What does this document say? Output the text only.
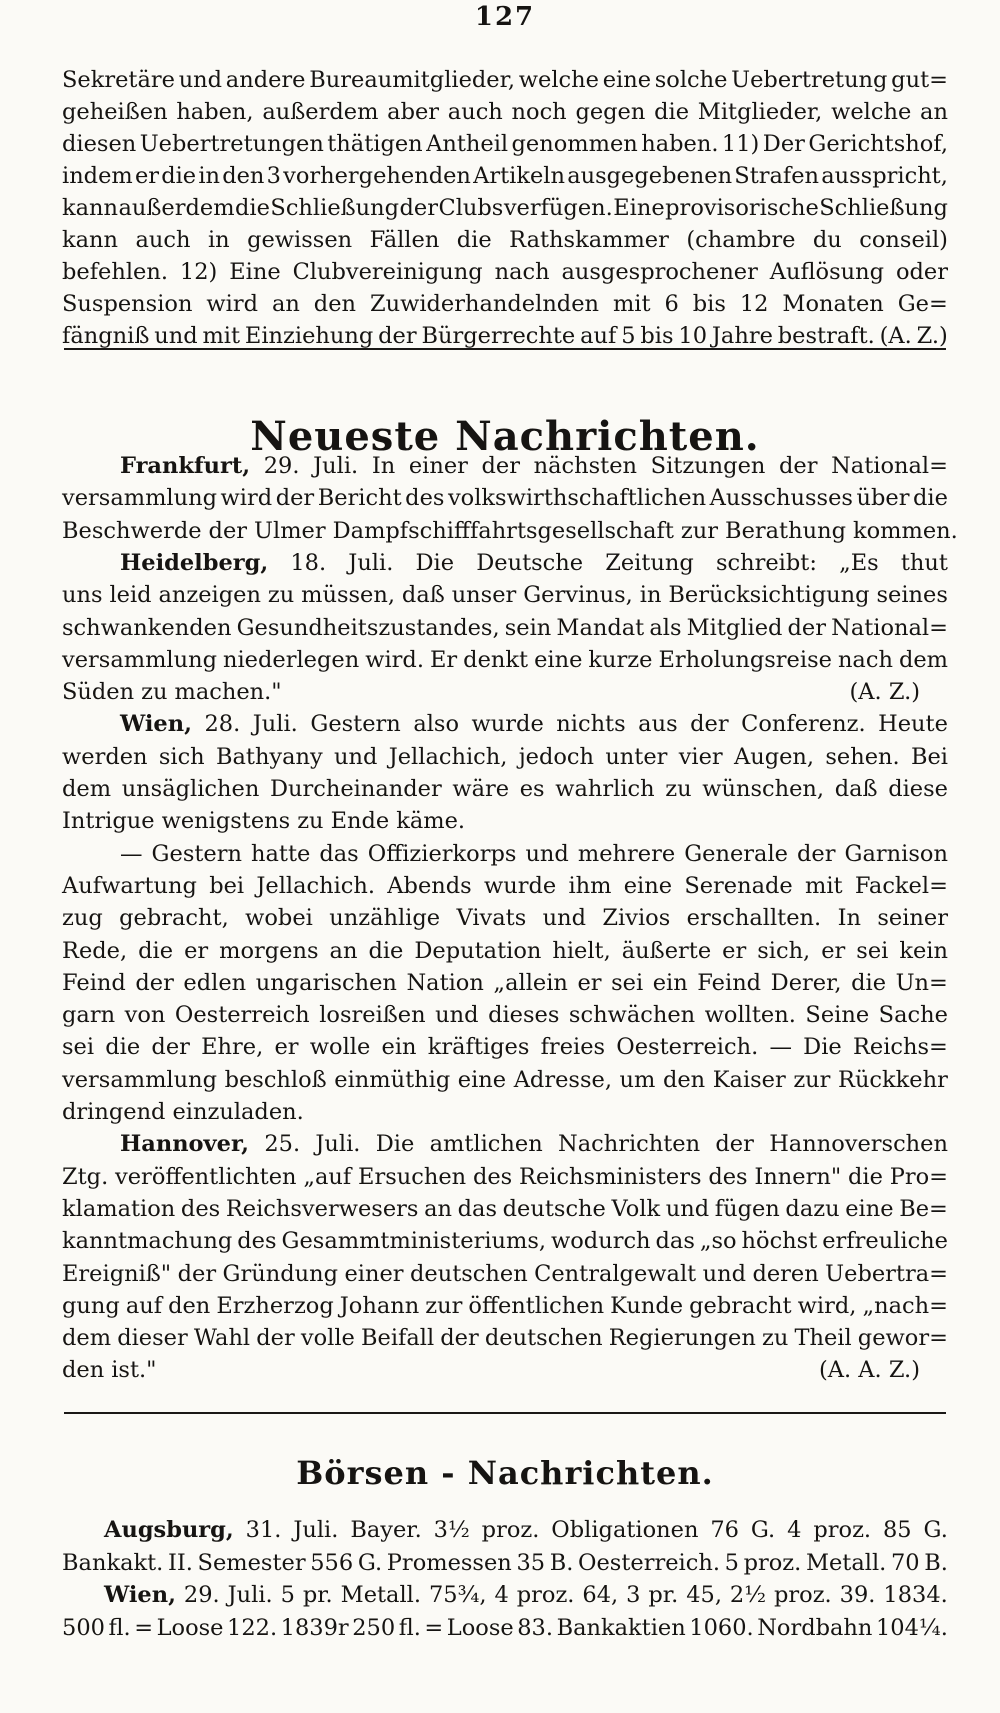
127
Sekretäre und andere Bureaumitglieder, welche eine solche Uebertretung gut=
geheißen haben, außerdem aber auch noch gegen die Mitglieder, welche an
diesen Uebertretungen thätigen Antheil genommen haben. 11) Der Gerichtshof,
indem er die in den 3 vorhergehenden Artikeln ausgegebenen Strafen ausspricht,
kann außerdem die Schließung der Clubs verfügen. Eine provisorische Schließung
kann auch in gewissen Fällen die Rathskammer (chambre du conseil)
befehlen. 12) Eine Clubvereinigung nach ausgesprochener Auflösung oder
Suspension wird an den Zuwiderhandelnden mit 6 bis 12 Monaten Ge=
fängniß und mit Einziehung der Bürgerrechte auf 5 bis 10 Jahre bestraft. (A. Z.)
Neueste Nachrichten.
Frankfurt, 29. Juli. In einer der nächsten Sitzungen der National=
versammlung wird der Bericht des volkswirthschaftlichen Ausschusses über die
Beschwerde der Ulmer Dampfschifffahrtsgesellschaft zur Berathung kommen.
Heidelberg, 18. Juli. Die Deutsche Zeitung schreibt: „Es thut
uns leid anzeigen zu müssen, daß unser Gervinus, in Berücksichtigung seines
schwankenden Gesundheitszustandes, sein Mandat als Mitglied der National=
versammlung niederlegen wird. Er denkt eine kurze Erholungsreise nach dem
Süden zu machen."	(A. Z.)
Wien, 28. Juli. Gestern also wurde nichts aus der Conferenz. Heute
werden sich Bathyany und Jellachich, jedoch unter vier Augen, sehen. Bei
dem unsäglichen Durcheinander wäre es wahrlich zu wünschen, daß diese
Intrigue wenigstens zu Ende käme.
— Gestern hatte das Offizierkorps und mehrere Generale der Garnison
Aufwartung bei Jellachich. Abends wurde ihm eine Serenade mit Fackel=
zug gebracht, wobei unzählige Vivats und Zivios erschallten. In seiner
Rede, die er morgens an die Deputation hielt, äußerte er sich, er sei kein
Feind der edlen ungarischen Nation „allein er sei ein Feind Derer, die Un=
garn von Oesterreich losreißen und dieses schwächen wollten. Seine Sache
sei die der Ehre, er wolle ein kräftiges freies Oesterreich. — Die Reichs=
versammlung beschloß einmüthig eine Adresse, um den Kaiser zur Rückkehr
dringend einzuladen.
Hannover, 25. Juli. Die amtlichen Nachrichten der Hannoverschen
Ztg. veröffentlichten „auf Ersuchen des Reichsministers des Innern" die Pro=
klamation des Reichsverwesers an das deutsche Volk und fügen dazu eine Be=
kanntmachung des Gesammtministeriums, wodurch das „so höchst erfreuliche
Ereigniß" der Gründung einer deutschen Centralgewalt und deren Uebertra=
gung auf den Erzherzog Johann zur öffentlichen Kunde gebracht wird, „nach=
dem dieser Wahl der volle Beifall der deutschen Regierungen zu Theil gewor=
den ist."	(A. A. Z.)
Börsen - Nachrichten.
Augsburg, 31. Juli. Bayer. 3½ proz. Obligationen 76 G. 4 proz. 85 G.
Bankakt. II. Semester 556 G. Promessen 35 B. Oesterreich. 5 proz. Metall. 70 B.
Wien, 29. Juli. 5 pr. Metall. 75¾, 4 proz. 64, 3 pr. 45, 2½ proz. 39. 1834.
500 fl. = Loose 122. 1839r 250 fl. = Loose 83. Bankaktien 1060. Nordbahn 104¼.
